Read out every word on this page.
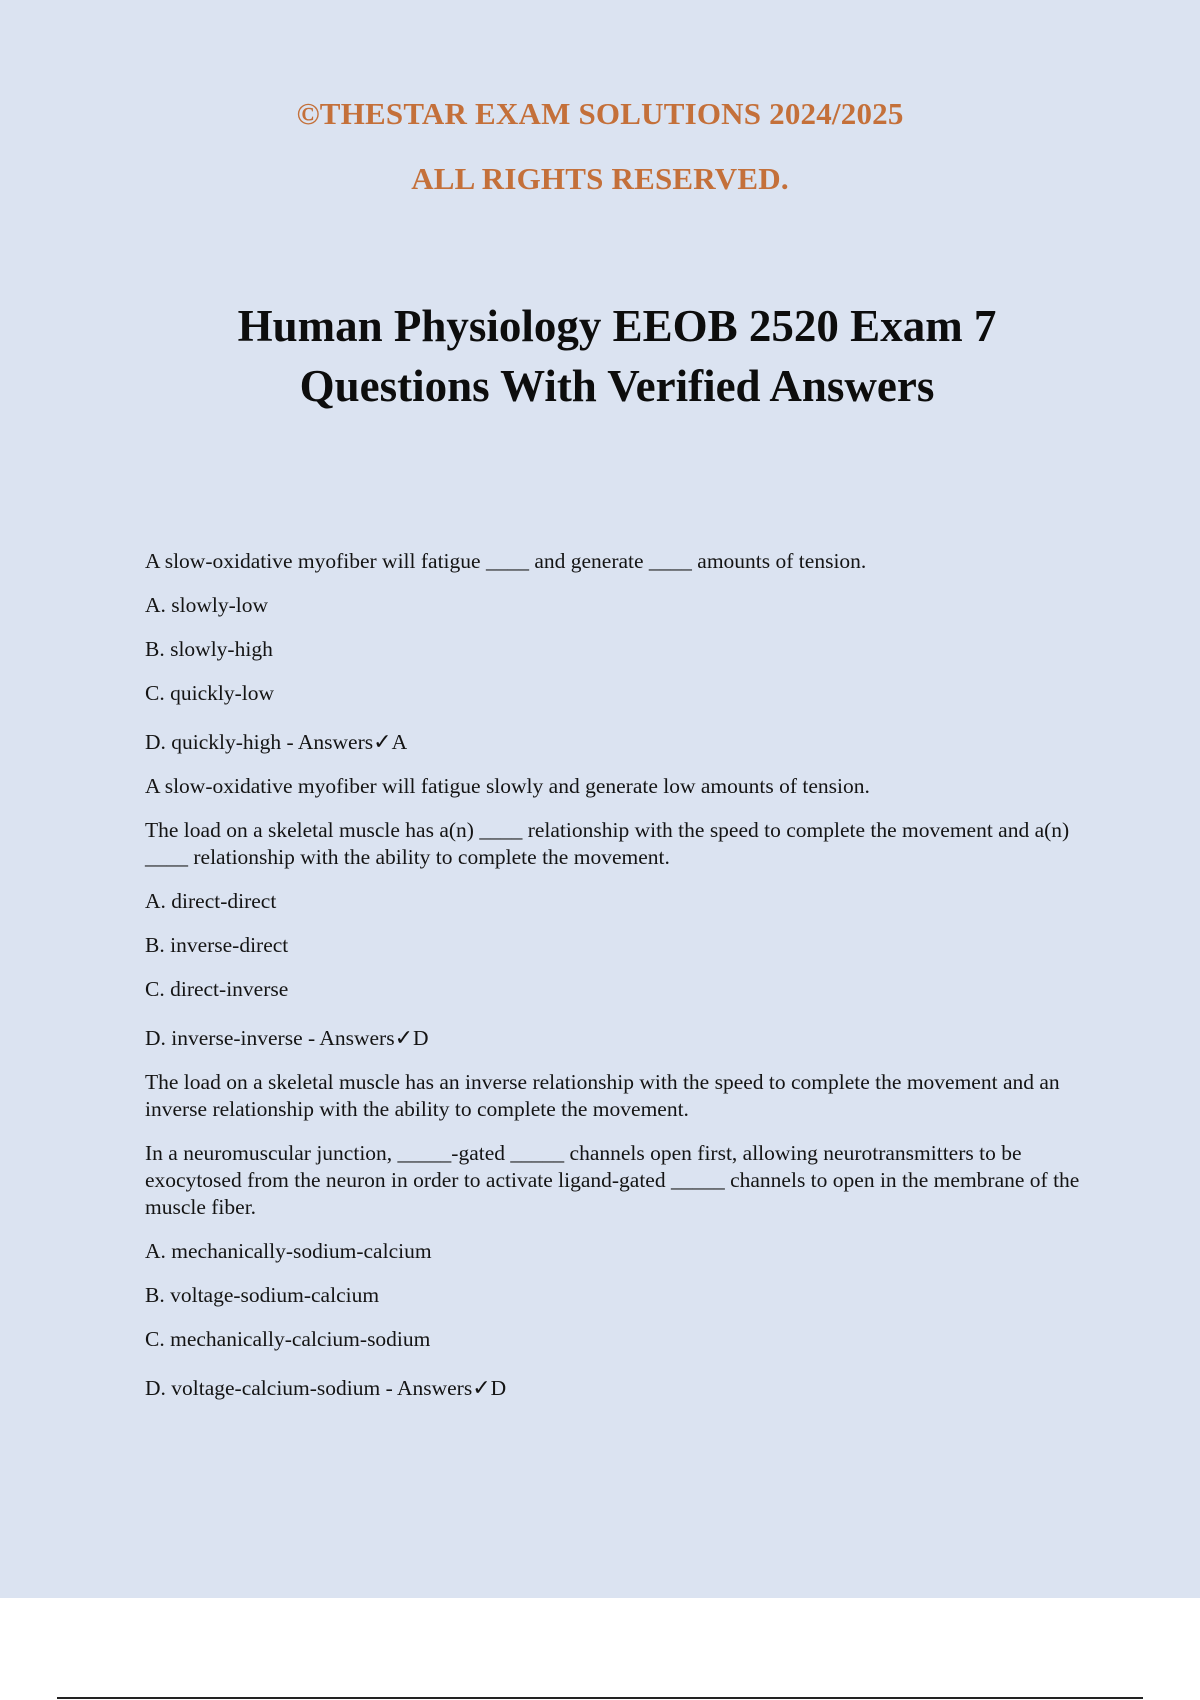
©THESTAR EXAM SOLUTIONS 2024/2025
ALL RIGHTS RESERVED.
Human Physiology EEOB 2520 Exam 7
Questions With Verified Answers

A slow-oxidative myofiber will fatigue ____ and generate ____ amounts of tension.

A. slowly-low

B. slowly-high

C. quickly-low

D. quickly-high - Answers✓A

A slow-oxidative myofiber will fatigue slowly and generate low amounts of tension.

The load on a skeletal muscle has a(n) ____ relationship with the speed to complete the movement and a(n) ____ relationship with the ability to complete the movement.

A. direct-direct

B. inverse-direct

C. direct-inverse

D. inverse-inverse - Answers✓D

The load on a skeletal muscle has an inverse relationship with the speed to complete the movement and an inverse relationship with the ability to complete the movement.

In a neuromuscular junction, _____-gated _____ channels open first, allowing neurotransmitters to be exocytosed from the neuron in order to activate ligand-gated _____ channels to open in the membrane of the muscle fiber.

A. mechanically-sodium-calcium

B. voltage-sodium-calcium

C. mechanically-calcium-sodium

D. voltage-calcium-sodium - Answers✓D
